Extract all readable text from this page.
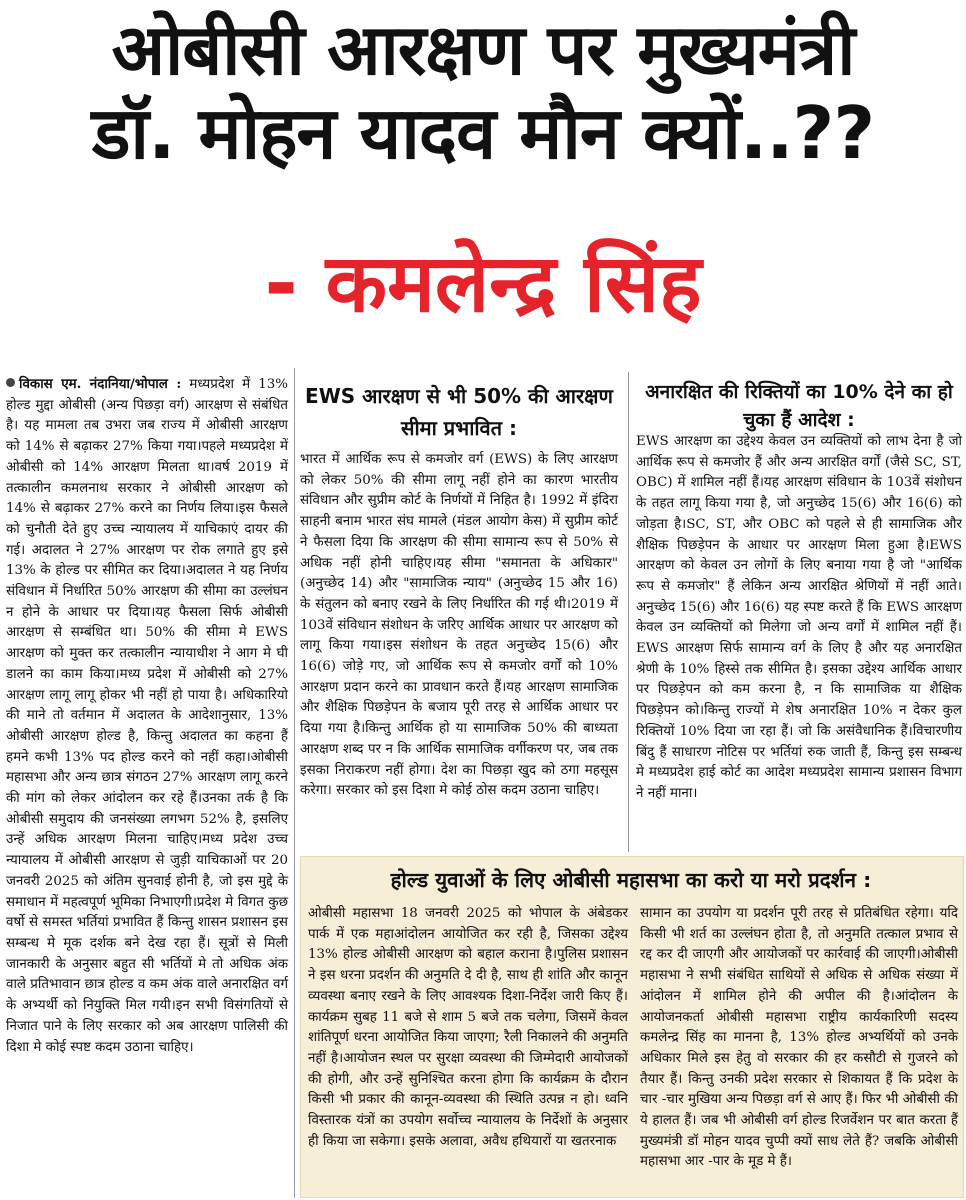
ओबीसी आरक्षण पर मुख्यमंत्री
डॉ. मोहन यादव मौन क्यों..??
- कमलेन्द्र सिंह

विकास एम. नंदानिया/भोपाल : मध्यप्रदेश में 13% होल्ड मुद्दा ओबीसी (अन्य पिछड़ा वर्ग) आरक्षण से संबंधित है। यह मामला तब उभरा जब राज्य में ओबीसी आरक्षण को 14% से बढ़ाकर 27% किया गया।पहले मध्यप्रदेश में ओबीसी को 14% आरक्षण मिलता था।वर्ष 2019 में तत्कालीन कमलनाथ सरकार ने ओबीसी आरक्षण को 14% से बढ़ाकर 27% करने का निर्णय लिया।इस फैसले को चुनौती देते हुए उच्च न्यायालय में याचिकाएं दायर की गई। अदालत ने 27% आरक्षण पर रोक लगाते हुए इसे 13% के होल्ड पर सीमित कर दिया।अदालत ने यह निर्णय संविधान में निर्धारित 50% आरक्षण की सीमा का उल्लंघन न होने के आधार पर दिया।यह फैसला सिर्फ ओबीसी आरक्षण से सम्बंधित था। 50% की सीमा मे EWS आरक्षण को मुक्त कर तत्कालीन न्यायाधीश ने आग मे घी डालने का काम किया।मध्य प्रदेश में ओबीसी को 27% आरक्षण लागू लागू होकर भी नहीं हो पाया है। अधिकारियो की माने तो वर्तमान में अदालत के आदेशानुसार, 13% ओबीसी आरक्षण होल्ड है, किन्तु अदालत का कहना हैं हमने कभी 13% पद होल्ड करने को नहीं कहा।ओबीसी महासभा और अन्य छात्र संगठन 27% आरक्षण लागू करने की मांग को लेकर आंदोलन कर रहे हैं।उनका तर्क है कि ओबीसी समुदाय की जनसंख्या लगभग 52% है, इसलिए उन्हें अधिक आरक्षण मिलना चाहिए।मध्य प्रदेश उच्च न्यायालय में ओबीसी आरक्षण से जुड़ी याचिकाओं पर 20 जनवरी 2025 को अंतिम सुनवाई होनी है, जो इस मुद्दे के समाधान में महत्वपूर्ण भूमिका निभाएगी।प्रदेश मे विगत कुछ वर्षो से समस्त भर्तियां प्रभावित हैं किन्तु शासन प्रशासन इस सम्बन्ध मे मूक दर्शक बने देख रहा हैं। सूत्रों से मिली जानकारी के अनुसार बहुत सी भर्तियों मे तो अधिक अंक वाले प्रतिभावान छात्र होल्ड व कम अंक वाले अनारक्षित वर्ग के अभ्यर्थी को नियुक्ति मिल गयी।इन सभी विसंगतियों से निजात पाने के लिए सरकार को अब आरक्षण पालिसी की दिशा मे कोई स्पष्ट कदम उठाना चाहिए।

EWS आरक्षण से भी 50% की आरक्षण सीमा प्रभावित :

भारत में आर्थिक रूप से कमजोर वर्ग (EWS) के लिए आरक्षण को लेकर 50% की सीमा लागू नहीं होने का कारण भारतीय संविधान और सुप्रीम कोर्ट के निर्णयों में निहित है। 1992 में इंदिरा साहनी बनाम भारत संघ मामले (मंडल आयोग केस) में सुप्रीम कोर्ट ने फैसला दिया कि आरक्षण की सीमा सामान्य रूप से 50% से अधिक नहीं होनी चाहिए।यह सीमा "समानता के अधिकार"(अनुच्छेद 14) और "सामाजिक न्याय" (अनुच्छेद 15 और 16) के संतुलन को बनाए रखने के लिए निर्धारित की गई थी।2019 में 103वें संविधान संशोधन के जरिए आर्थिक आधार पर आरक्षण को लागू किया गया।इस संशोधन के तहत अनुच्छेद 15(6) और 16(6) जोड़े गए, जो आर्थिक रूप से कमजोर वर्गों को 10% आरक्षण प्रदान करने का प्रावधान करते हैं।यह आरक्षण सामाजिक और शैक्षिक पिछड़ेपन के बजाय पूरी तरह से आर्थिक आधार पर दिया गया है।किन्तु आर्थिक हो या सामाजिक 50% की बाध्यता आरक्षण शब्द पर न कि आर्थिक सामाजिक वर्गीकरण पर, जब तक इसका निराकरण नहीं होगा। देश का पिछड़ा खुद को ठगा महसूस करेगा। सरकार को इस दिशा मे कोई ठोस कदम उठाना चाहिए।

अनारक्षित की रिक्तियों का 10% देने का हो चुका हैं आदेश :

EWS आरक्षण का उद्देश्य केवल उन व्यक्तियों को लाभ देना है जो आर्थिक रूप से कमजोर हैं और अन्य आरक्षित वर्गों (जैसे SC, ST, OBC) में शामिल नहीं हैं।यह आरक्षण संविधान के 103वें संशोधन के तहत लागू किया गया है, जो अनुच्छेद 15(6) और 16(6) को जोड़ता है।SC, ST, और OBC को पहले से ही सामाजिक और शैक्षिक पिछड़ेपन के आधार पर आरक्षण मिला हुआ है।EWS आरक्षण को केवल उन लोगों के लिए बनाया गया है जो "आर्थिक रूप से कमजोर" हैं लेकिन अन्य आरक्षित श्रेणियों में नहीं आते। अनुच्छेद 15(6) और 16(6) यह स्पष्ट करते हैं कि EWS आरक्षण केवल उन व्यक्तियों को मिलेगा जो अन्य वर्गों में शामिल नहीं हैं।EWS आरक्षण सिर्फ सामान्य वर्ग के लिए है और यह अनारक्षित श्रेणी के 10% हिस्से तक सीमित है। इसका उद्देश्य आर्थिक आधार पर पिछड़ेपन को कम करना है, न कि सामाजिक या शैक्षिक पिछड़ेपन को।किन्तु राज्यों मे शेष अनारक्षित 10% न देकर कुल रिक्तियों 10% दिया जा रहा हैं। जो कि असंवैधानिक हैं।विचारणीय बिंदु हैं साधारण नोटिस पर भर्तियां रुक जाती हैं, किन्तु इस सम्बन्ध मे मध्यप्रदेश हाई कोर्ट का आदेश मध्यप्रदेश सामान्य प्रशासन विभाग ने नहीं माना।

होल्ड युवाओं के लिए ओबीसी महासभा का करो या मरो प्रदर्शन :

ओबीसी महासभा 18 जनवरी 2025 को भोपाल के अंबेडकर पार्क में एक महाआंदोलन आयोजित कर रही है, जिसका उद्देश्य 13% होल्ड ओबीसी आरक्षण को बहाल कराना है।पुलिस प्रशासन ने इस धरना प्रदर्शन की अनुमति दे दी है, साथ ही शांति और कानून व्यवस्था बनाए रखने के लिए आवश्यक दिशा-निर्देश जारी किए हैं। कार्यक्रम सुबह 11 बजे से शाम 5 बजे तक चलेगा, जिसमें केवल शांतिपूर्ण धरना आयोजित किया जाएगा; रैली निकालने की अनुमति नहीं है।आयोजन स्थल पर सुरक्षा व्यवस्था की जिम्मेदारी आयोजकों की होगी, और उन्हें सुनिश्चित करना होगा कि कार्यक्रम के दौरान किसी भी प्रकार की कानून-व्यवस्था की स्थिति उत्पन्न न हो। ध्वनि विस्तारक यंत्रों का उपयोग सर्वोच्च न्यायालय के निर्देशों के अनुसार ही किया जा सकेगा। इसके अलावा, अवैध हथियारों या खतरनाक

सामान का उपयोग या प्रदर्शन पूरी तरह से प्रतिबंधित रहेगा। यदि किसी भी शर्त का उल्लंघन होता है, तो अनुमति तत्काल प्रभाव से रद्द कर दी जाएगी और आयोजकों पर कार्रवाई की जाएगी।ओबीसी महासभा ने सभी संबंधित साथियों से अधिक से अधिक संख्या में आंदोलन में शामिल होने की अपील की है।आंदोलन के आयोजनकर्ता ओबीसी महासभा राष्ट्रीय कार्यकारिणी सदस्य कमलेन्द्र सिंह का मानना है, 13% होल्ड अभ्यर्थियों को उनके अधिकार मिले इस हेतु वो सरकार की हर कसौटी से गुजरने को तैयार हैं। किन्तु उनकी प्रदेश सरकार से शिकायत हैं कि प्रदेश के चार -चार मुखिया अन्य पिछड़ा वर्ग से आए हैं। फिर भी ओबीसी की ये हालत हैं। जब भी ओबीसी वर्ग होल्ड रिजर्वेशन पर बात करता हैं मुख्यमंत्री डॉ मोहन यादव चुप्पी क्यों साध लेते हैं? जबकि ओबीसी महासभा आर -पार के मूड मे हैं।
